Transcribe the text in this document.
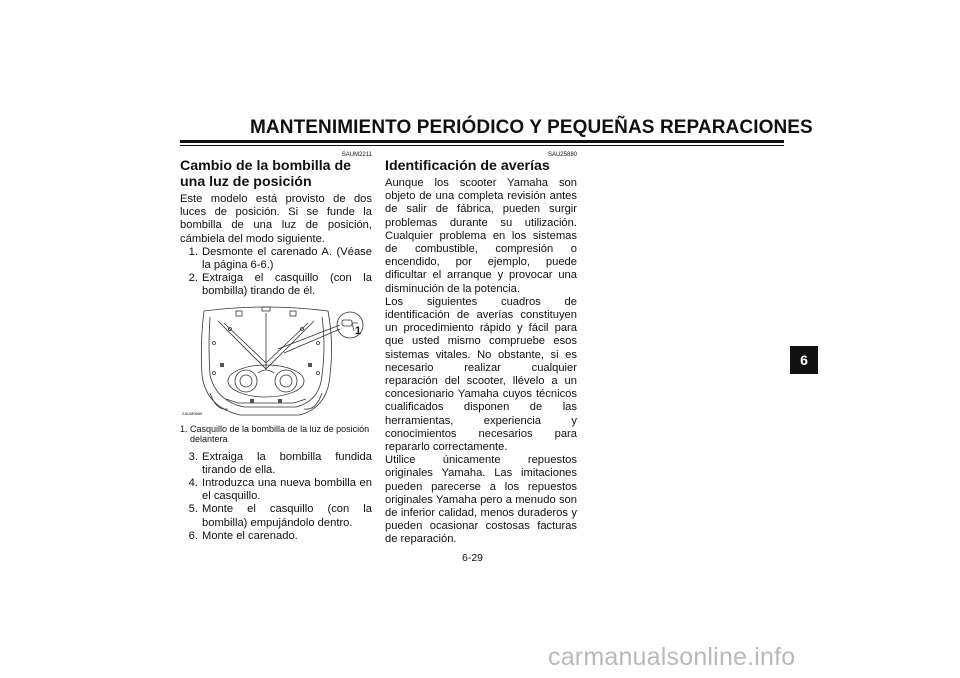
MANTENIMIENTO PERIÓDICO Y PEQUEÑAS REPARACIONES
SAUM2211	SAU25880
Cambio de la bombilla de una luz de posición

Este modelo está provisto de dos luces de posición. Si se funde la bombilla de una luz de posición, cámbiela del modo siguiente.

1. Desmonte el carenado A. (Véase la página 6-6.)
2. Extraiga el casquillo (con la bombilla) tirando de él.
ZAUM0680
1
1. Casquillo de la bombilla de la luz de posición delantera
3. Extraiga la bombilla fundida tirando de ella.
4. Introduzca una nueva bombilla en el casquillo.
5. Monte el casquillo (con la bombilla) empujándolo dentro.
6. Monte el carenado.
Identificación de averías

Aunque los scooter Yamaha son objeto de una completa revisión antes de salir de fábrica, pueden surgir problemas durante su utilización. Cualquier problema en los sistemas de combustible, compresión o encendido, por ejemplo, puede dificultar el arranque y provocar una disminución de la potencia.

Los siguientes cuadros de identificación de averías constituyen un procedimiento rápido y fácil para que usted mismo compruebe esos sistemas vitales. No obstante, si es necesario realizar cualquier reparación del scooter, llévelo a un concesionario Yamaha cuyos técnicos cualificados disponen de las herramientas, experiencia y conocimientos necesarios para repararlo correctamente.

Utilice únicamente repuestos originales Yamaha. Las imitaciones pueden parecerse a los repuestos originales Yamaha pero a menudo son de inferior calidad, menos duraderos y pueden ocasionar costosas facturas de reparación.

6
6-29
carmanualsonline.info
